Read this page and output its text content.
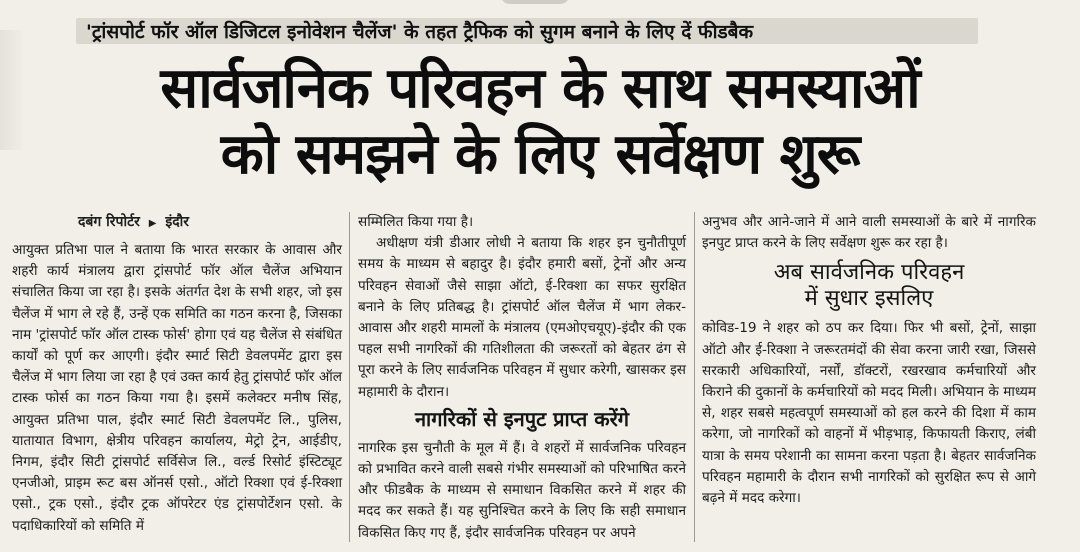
'ट्रांसपोर्ट फॉर ऑल डिजिटल इनोवेशन चैलेंज' के तहत ट्रैफिक को सुगम बनाने के लिए दें फीडबैक
सार्वजनिक परिवहन के साथ समस्याओं
को समझने के लिए सर्वेक्षण शुरू
दबंग रिपोर्टर ▶ इंदौर

आयुक्त प्रतिभा पाल ने बताया कि भारत सरकार के आवास और शहरी कार्य मंत्रालय द्वारा ट्रांसपोर्ट फॉर ऑल चैलेंज अभियान संचालित किया जा रहा है। इसके अंतर्गत देश के सभी शहर, जो इस चैलेंज में भाग ले रहे हैं, उन्हें एक समिति का गठन करना है, जिसका नाम 'ट्रांसपोर्ट फॉर ऑल टास्क फोर्स' होगा एवं यह चैलेंज से संबंधित कार्यों को पूर्ण कर आएगी। इंदौर स्मार्ट सिटी डेवलपमेंट द्वारा इस चैलेंज में भाग लिया जा रहा है एवं उक्त कार्य हेतु ट्रांसपोर्ट फॉर ऑल टास्क फोर्स का गठन किया गया है। इसमें कलेक्टर मनीष सिंह, आयुक्त प्रतिभा पाल, इंदौर स्मार्ट सिटी डेवलपमेंट लि., पुलिस, यातायात विभाग, क्षेत्रीय परिवहन कार्यालय, मेट्रो ट्रेन, आईडीए, निगम, इंदौर सिटी ट्रांसपोर्ट सर्विसेज लि., वर्ल्ड रिसोर्ट इंस्टिट्यूट एनजीओ, प्राइम रूट बस ऑनर्स एसो., ऑटो रिक्शा एवं ई-रिक्शा एसो., ट्रक एसो., इंदौर ट्रक ऑपरेटर एंड ट्रांसपोर्टेशन एसो. के पदाधिकारियों को समिति में

सम्मिलित किया गया है।

अधीक्षण यंत्री डीआर लोधी ने बताया कि शहर इन चुनौतीपूर्ण समय के माध्यम से बहादुर है। इंदौर हमारी बसों, ट्रेनों और अन्य परिवहन सेवाओं जैसे साझा ऑटो, ई-रिक्शा का सफर सुरक्षित बनाने के लिए प्रतिबद्ध है। ट्रांसपोर्ट ऑल चैलेंज में भाग लेकर-आवास और शहरी मामलों के मंत्रालय (एमओएचयूए)-इंदौर की एक पहल सभी नागरिकों की गतिशीलता की जरूरतों को बेहतर ढंग से पूरा करने के लिए सार्वजनिक परिवहन में सुधार करेगी, खासकर इस महामारी के दौरान।

नागरिकों से इनपुट प्राप्त करेंगे

नागरिक इस चुनौती के मूल में हैं। वे शहरों में सार्वजनिक परिवहन को प्रभावित करने वाली सबसे गंभीर समस्याओं को परिभाषित करने और फीडबैक के माध्यम से समाधान विकसित करने में शहर की मदद कर सकते हैं। यह सुनिश्चित करने के लिए कि सही समाधान विकसित किए गए हैं, इंदौर सार्वजनिक परिवहन पर अपने

अनुभव और आने-जाने में आने वाली समस्याओं के बारे में नागरिक इनपुट प्राप्त करने के लिए सर्वेक्षण शुरू कर रहा है।

अब सार्वजनिक परिवहन
में सुधार इसलिए

कोविड-19 ने शहर को ठप कर दिया। फिर भी बसों, ट्रेनों, साझा ऑटो और ई-रिक्शा ने जरूरतमंदों की सेवा करना जारी रखा, जिससे सरकारी अधिकारियों, नर्सों, डॉक्टरों, रखरखाव कर्मचारियों और किराने की दुकानों के कर्मचारियों को मदद मिली। अभियान के माध्यम से, शहर सबसे महत्वपूर्ण समस्याओं को हल करने की दिशा में काम करेगा, जो नागरिकों को वाहनों में भीड़भाड़, किफायती किराए, लंबी यात्रा के समय परेशानी का सामना करना पड़ता है। बेहतर सार्वजनिक परिवहन महामारी के दौरान सभी नागरिकों को सुरक्षित रूप से आगे बढ़ने में मदद करेगा।
